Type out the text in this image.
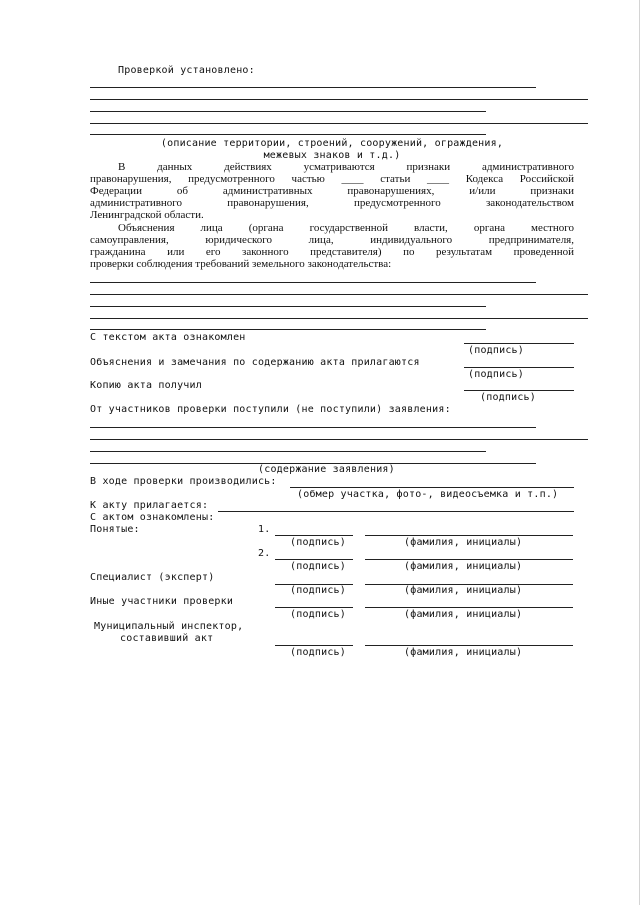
Проверкой установлено:
(описание территории, строений, сооружений, ограждения,
межевых знаков и т.д.)
В данных действиях усматриваются признаки административного
правонарушения, предусмотренного частью ____ статьи ____ Кодекса Российской
Федерации об административных правонарушениях, и/или признаки
административного правонарушения, предусмотренного законодательством
Ленинградской области.
Объяснения лица (органа государственной власти, органа местного
самоуправления, юридического лица, индивидуального предпринимателя,
гражданина или его законного представителя) по результатам проведенной
проверки соблюдения требований земельного законодательства:
С текстом акта ознакомлен
(подпись)
Объяснения и замечания по содержанию акта прилагаются
(подпись)
Копию акта получил
(подпись)
От участников проверки поступили (не поступили) заявления:
(содержание заявления)
В ходе проверки производились:
(обмер участка, фото-, видеосъемка и т.п.)
К акту прилагается:
С актом ознакомлены:
Понятые:	1.
(подпись)	(фамилия, инициалы)
2.
(подпись)	(фамилия, инициалы)
Специалист (эксперт)
(подпись)	(фамилия, инициалы)
Иные участники проверки
(подпись)	(фамилия, инициалы)
Муниципальный инспектор,
составивший акт
(подпись)	(фамилия, инициалы)
